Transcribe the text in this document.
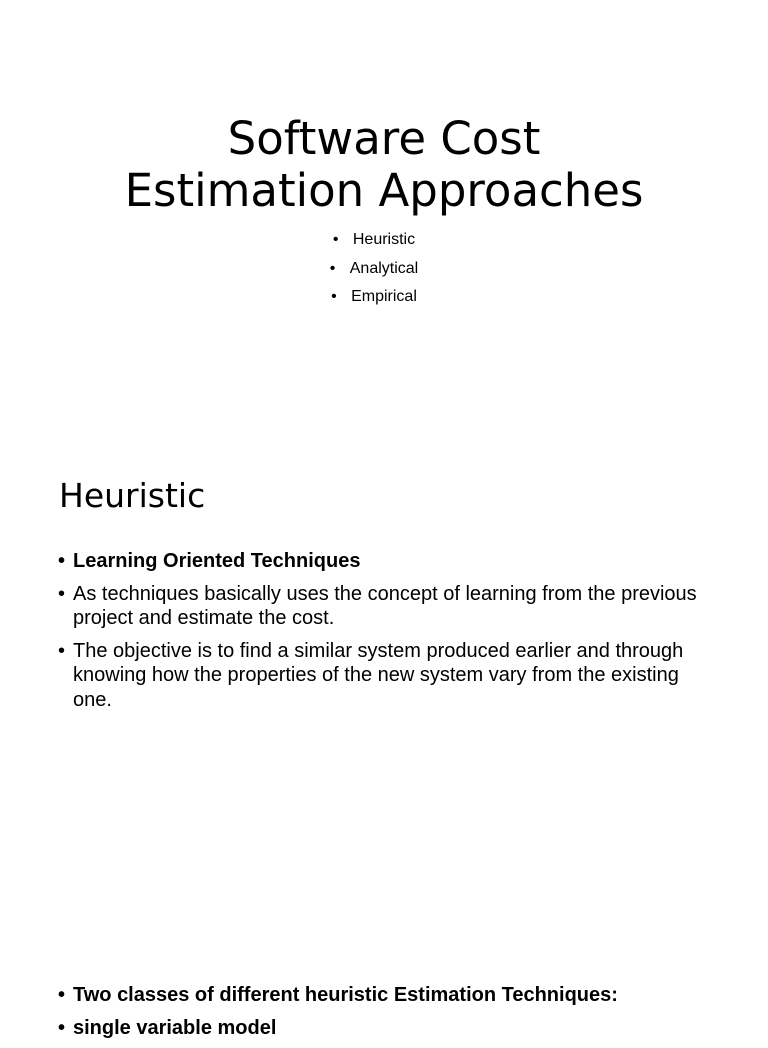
Software Cost
Estimation Approaches
• Heuristic
• Analytical
• Empirical
Heuristic
• Learning Oriented Techniques
• As techniques basically uses the concept of learning from the previous project and estimate the cost.
• The objective is to find a similar system produced earlier and through knowing how the properties of the new system vary from the existing one.
• Two classes of different heuristic Estimation Techniques:
• single variable model
